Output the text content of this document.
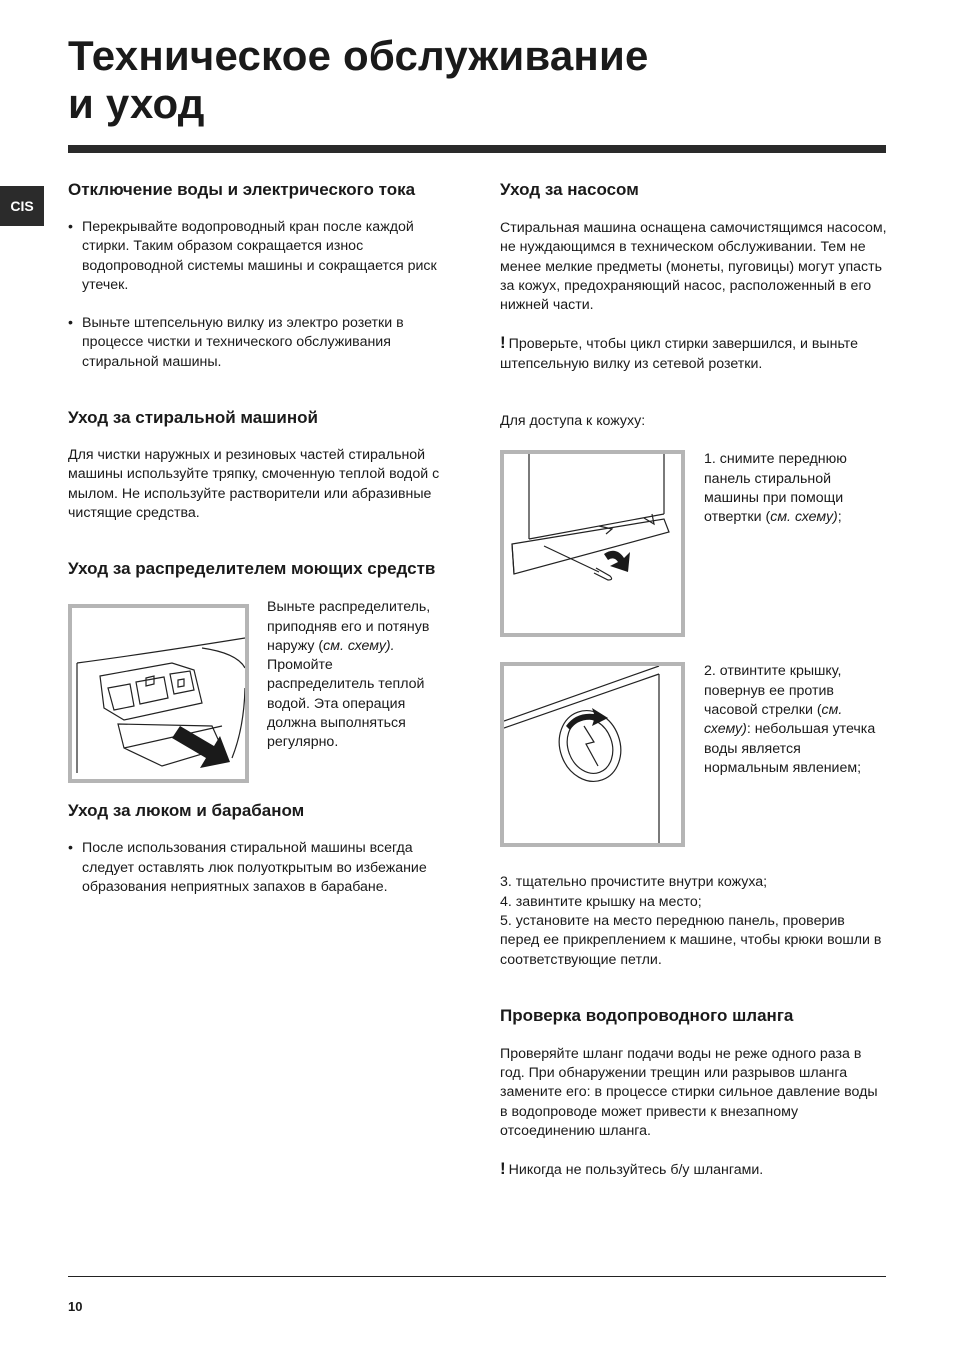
Техническое обслуживание
и уход
CIS
Отключение воды и электрического тока
• Перекрывайте водопроводный кран после каждой стирки. Таким образом сокращается износ водопроводной системы машины и сокращается риск утечек.
• Выньте штепсельную вилку из электро розетки в процессе чистки и технического обслуживания стиральной машины.
Уход за стиральной машиной

Для чистки наружных и резиновых частей стиральной машины используйте тряпку, смоченную теплой водой с мылом. Не используйте растворители или абразивные чистящие средства.

Уход за распределителем моющих средств
Выньте распределитель, приподняв его и потянув наружу (см. схему).
Промойте распределитель теплой водой. Эта операция должна выполняться регулярно.
Уход за люком и барабаном
• После использования стиральной машины всегда следует оставлять люк полуоткрытым во избежание образования неприятных запахов в барабане.
Уход за насосом

Стиральная машина оснащена самочистящимся насосом, не нуждающимся в техническом обслуживании. Тем не менее мелкие предметы (монеты, пуговицы) могут упасть за кожух, предохраняющий насос, расположенный в его нижней части.

! Проверьте, чтобы цикл стирки завершился, и выньте штепсельную вилку из сетевой розетки.

Для доступа к кожуху:

1. снимите переднюю панель стиральной машины при помощи отвертки (см. схему);

2. отвинтите крышку, повернув ее против часовой стрелки (см. схему): небольшая утечка воды является нормальным явлением;

3. тщательно прочистите внутри кожуха;

4. завинтите крышку на место;

5. установите на место переднюю панель, проверив перед ее прикреплением к машине, чтобы крюки вошли в соответствующие петли.

Проверка водопроводного шланга

Проверяйте шланг подачи воды не реже одного раза в год. При обнаружении трещин или разрывов шланга замените его: в процессе стирки сильное давление воды в водопроводе может привести к внезапному отсоединению шланга.

! Никогда не пользуйтесь б/у шлангами.

10
